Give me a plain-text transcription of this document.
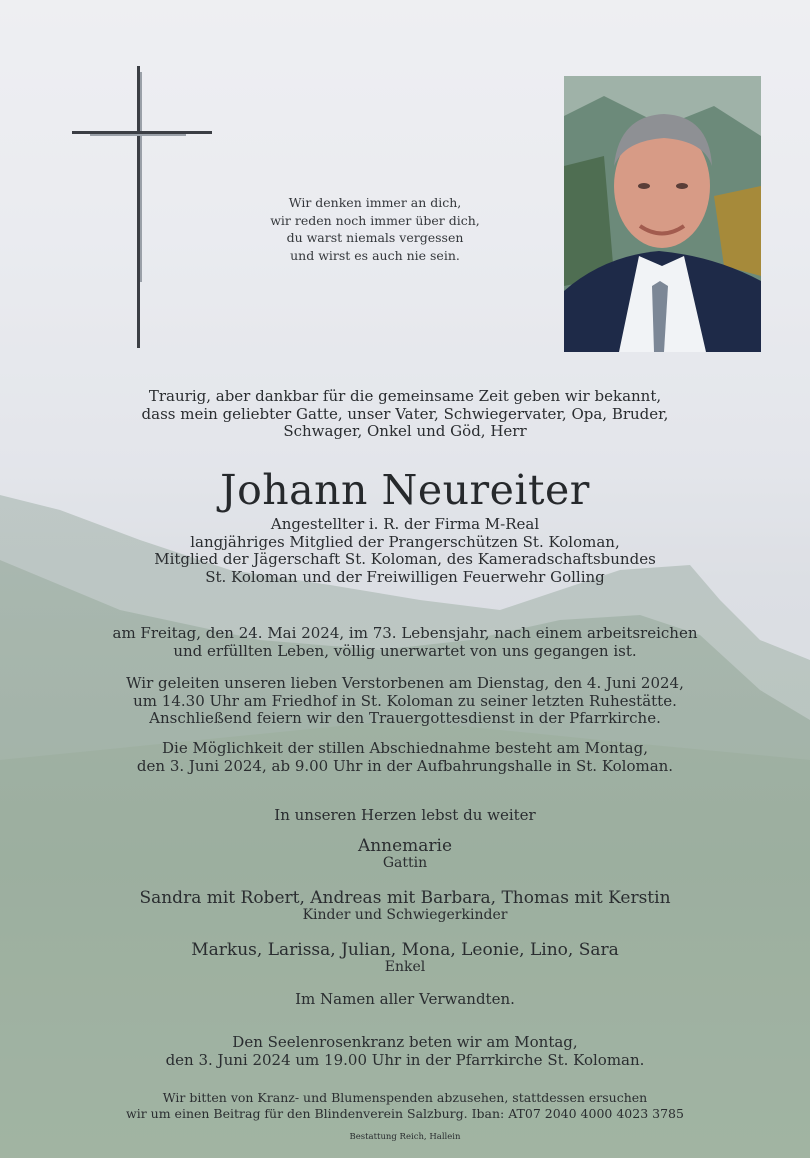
Wir denken immer an dich,
wir reden noch immer über dich,
du warst niemals vergessen
und wirst es auch nie sein.
Traurig, aber dankbar für die gemeinsame Zeit geben wir bekannt,
dass mein geliebter Gatte, unser Vater, Schwiegervater, Opa, Bruder,
Schwager, Onkel und Göd, Herr
Johann Neureiter
Angestellter i. R. der Firma M-Real
langjähriges Mitglied der Prangerschützen St. Koloman,
Mitglied der Jägerschaft St. Koloman, des Kameradschaftsbundes
St. Koloman und der Freiwilligen Feuerwehr Golling
am Freitag, den 24. Mai 2024, im 73. Lebensjahr, nach einem arbeitsreichen
und erfüllten Leben, völlig unerwartet von uns gegangen ist.
Wir geleiten unseren lieben Verstorbenen am Dienstag, den 4. Juni 2024,
um 14.30 Uhr am Friedhof in St. Koloman zu seiner letzten Ruhestätte.
Anschließend feiern wir den Trauergottesdienst in der Pfarrkirche.
Die Möglichkeit der stillen Abschiednahme besteht am Montag,
den 3. Juni 2024, ab 9.00 Uhr in der Aufbahrungshalle in St. Koloman.
In unseren Herzen lebst du weiter
Annemarie
Gattin
Sandra mit Robert, Andreas mit Barbara, Thomas mit Kerstin
Kinder und Schwiegerkinder
Markus, Larissa, Julian, Mona, Leonie, Lino, Sara
Enkel
Im Namen aller Verwandten.
Den Seelenrosenkranz beten wir am Montag,
den 3. Juni 2024 um 19.00 Uhr in der Pfarrkirche St. Koloman.
Wir bitten von Kranz- und Blumenspenden abzusehen, stattdessen ersuchen
wir um einen Beitrag für den Blindenverein Salzburg. Iban: AT07 2040 4000 4023 3785
Bestattung Reich, Hallein
